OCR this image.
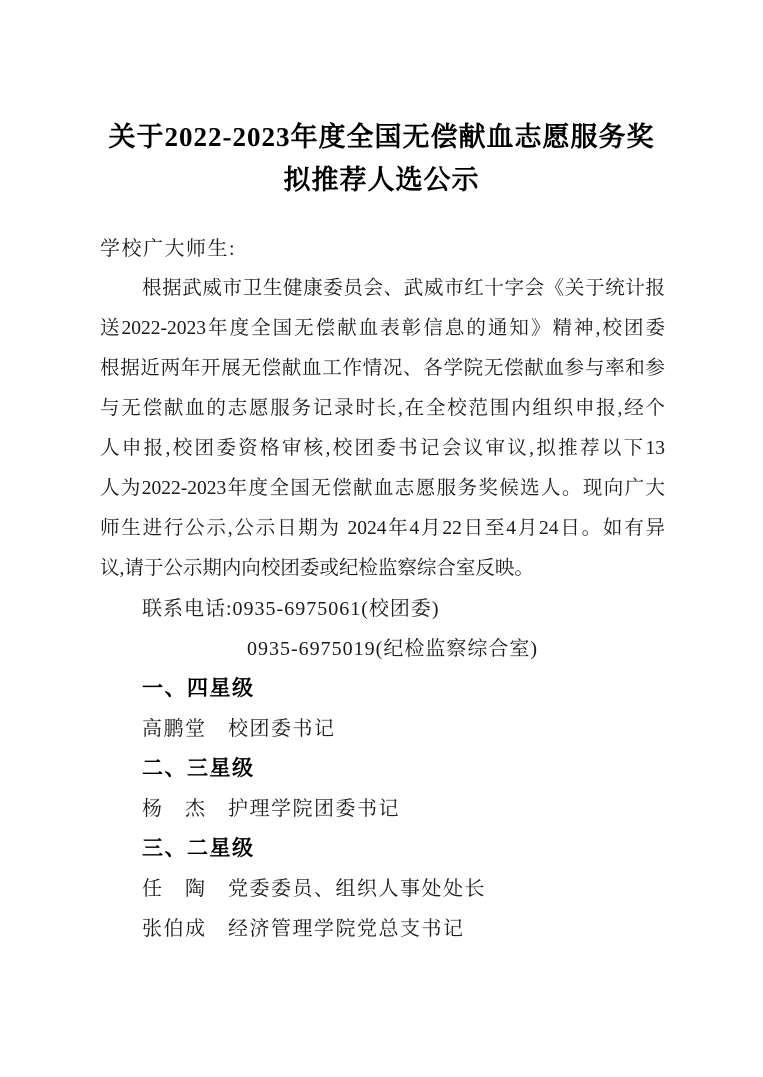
关于2022-2023年度全国无偿献血志愿服务奖
拟推荐人选公示
学校广大师生:
根据武威市卫生健康委员会、武威市红十字会《关于统计报
送2022-2023年度全国无偿献血表彰信息的通知》精神,校团委
根据近两年开展无偿献血工作情况、各学院无偿献血参与率和参
与无偿献血的志愿服务记录时长,在全校范围内组织申报,经个
人申报,校团委资格审核,校团委书记会议审议,拟推荐以下13
人为2022-2023年度全国无偿献血志愿服务奖候选人。现向广大
师生进行公示,公示日期为 2024年4月22日至4月24日。如有异
议,请于公示期内向校团委或纪检监察综合室反映。
联系电话:0935-6975061(校团委)
0935-6975019(纪检监察综合室)
一、四星级
高鹏堂　校团委书记
二、三星级
杨　杰　护理学院团委书记
三、二星级
任　陶　党委委员、组织人事处处长
张伯成　经济管理学院党总支书记
